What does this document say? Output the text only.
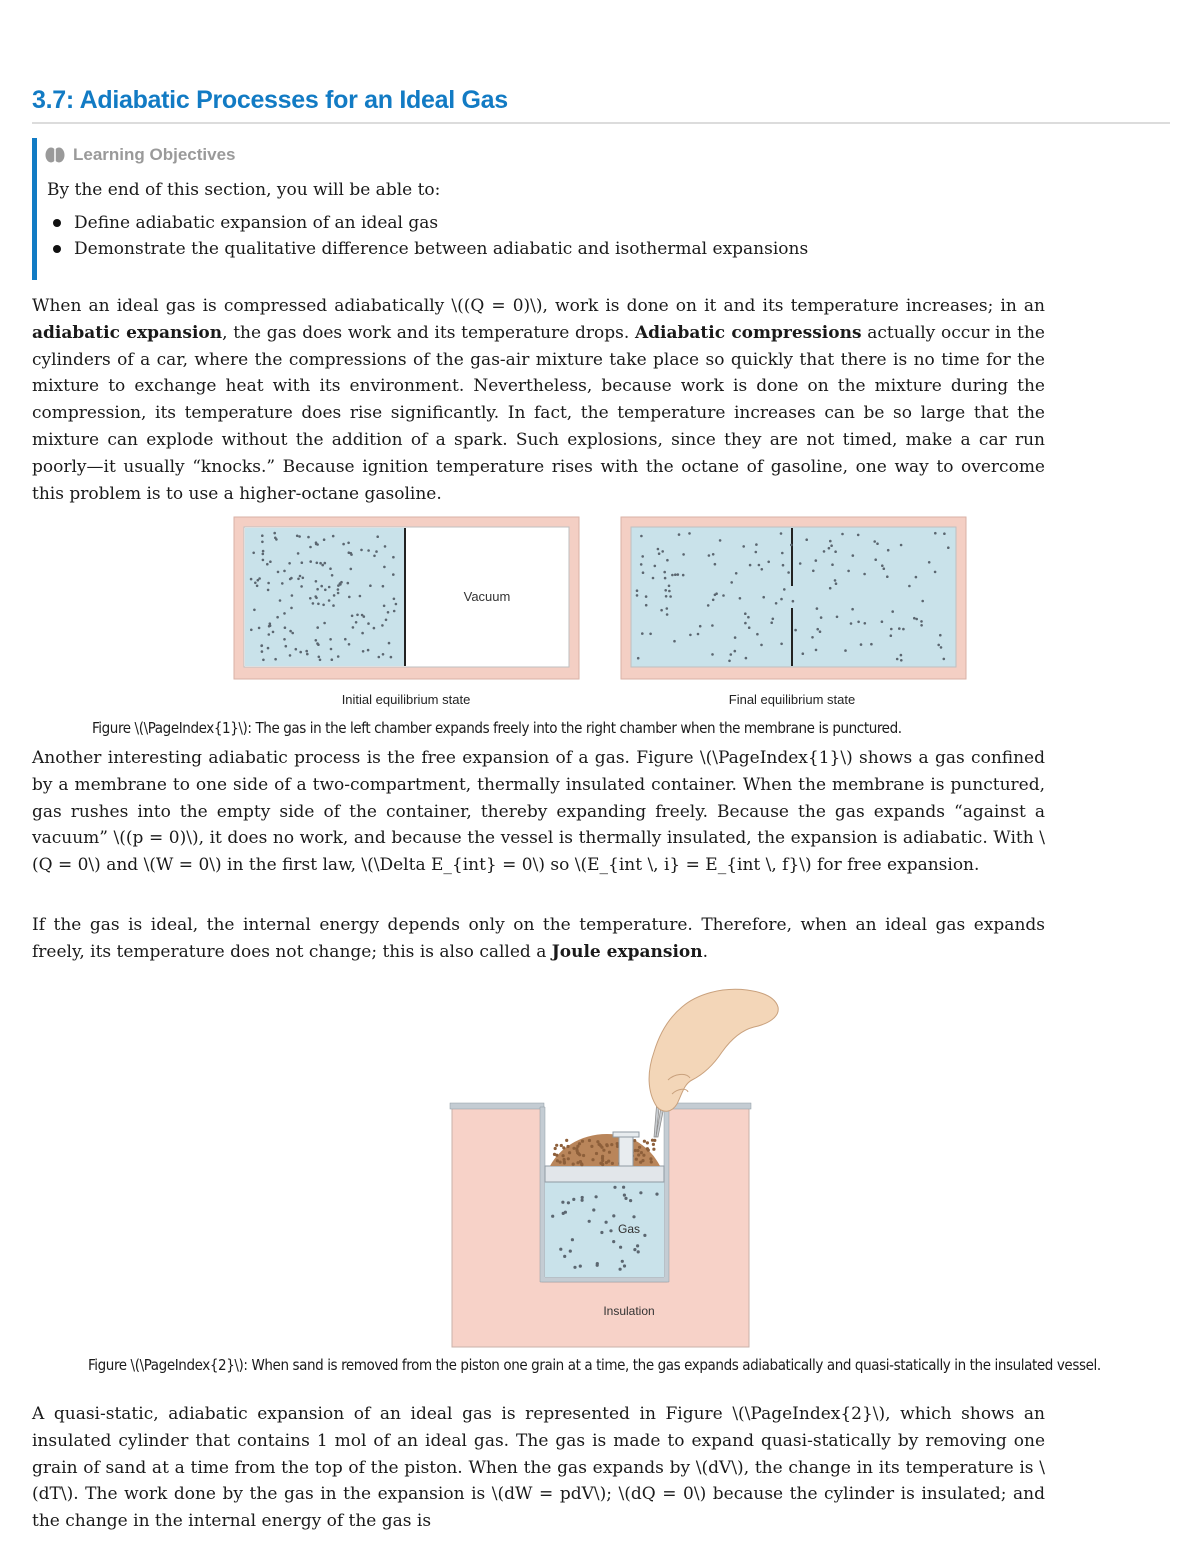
3.7: Adiabatic Processes for an Ideal Gas
Learning Objectives
By the end of this section, you will be able to:
Define adiabatic expansion of an ideal gas
Demonstrate the qualitative difference between adiabatic and isothermal expansions

When an ideal gas is compressed adiabatically \((Q = 0)\), work is done on it and its temperature increases; in an adiabatic expansion, the gas does work and its temperature drops. Adiabatic compressions actually occur in the cylinders of a car, where the compressions of the gas-air mixture take place so quickly that there is no time for the mixture to exchange heat with its environment. Nevertheless, because work is done on the mixture during the compression, its temperature does rise significantly. In fact, the temperature increases can be so large that the mixture can explode without the addition of a spark. Such explosions, since they are not timed, make a car run poorly—it usually “knocks.” Because ignition temperature rises with the octane of gasoline, one way to overcome this problem is to use a higher-octane gasoline.

Vacuum
Initial equilibrium state	Final equilibrium state
Figure \(\PageIndex{1}\): The gas in the left chamber expands freely into the right chamber when the membrane is punctured.

Another interesting adiabatic process is the free expansion of a gas. Figure \(\PageIndex{1}\) shows a gas confined by a membrane to one side of a two-compartment, thermally insulated container. When the membrane is punctured, gas rushes into the empty side of the container, thereby expanding freely. Because the gas expands “against a vacuum” \((p = 0)\), it does no work, and because the vessel is thermally insulated, the expansion is adiabatic. With \(Q = 0\) and \(W = 0\) in the first law, \(\Delta E_{int} = 0\) so \(E_{int \, i} = E_{int \, f}\) for free expansion.

If the gas is ideal, the internal energy depends only on the temperature. Therefore, when an ideal gas expands freely, its temperature does not change; this is also called a Joule expansion.

Gas
Insulation
Figure \(\PageIndex{2}\): When sand is removed from the piston one grain at a time, the gas expands adiabatically and quasi-statically in the insulated vessel.

A quasi-static, adiabatic expansion of an ideal gas is represented in Figure \(\PageIndex{2}\), which shows an insulated cylinder that contains 1 mol of an ideal gas. The gas is made to expand quasi-statically by removing one grain of sand at a time from the top of the piston. When the gas expands by \(dV\), the change in its temperature is \(dT\). The work done by the gas in the expansion is \(dW = pdV\); \(dQ = 0\) because the cylinder is insulated; and the change in the internal energy of the gas is
